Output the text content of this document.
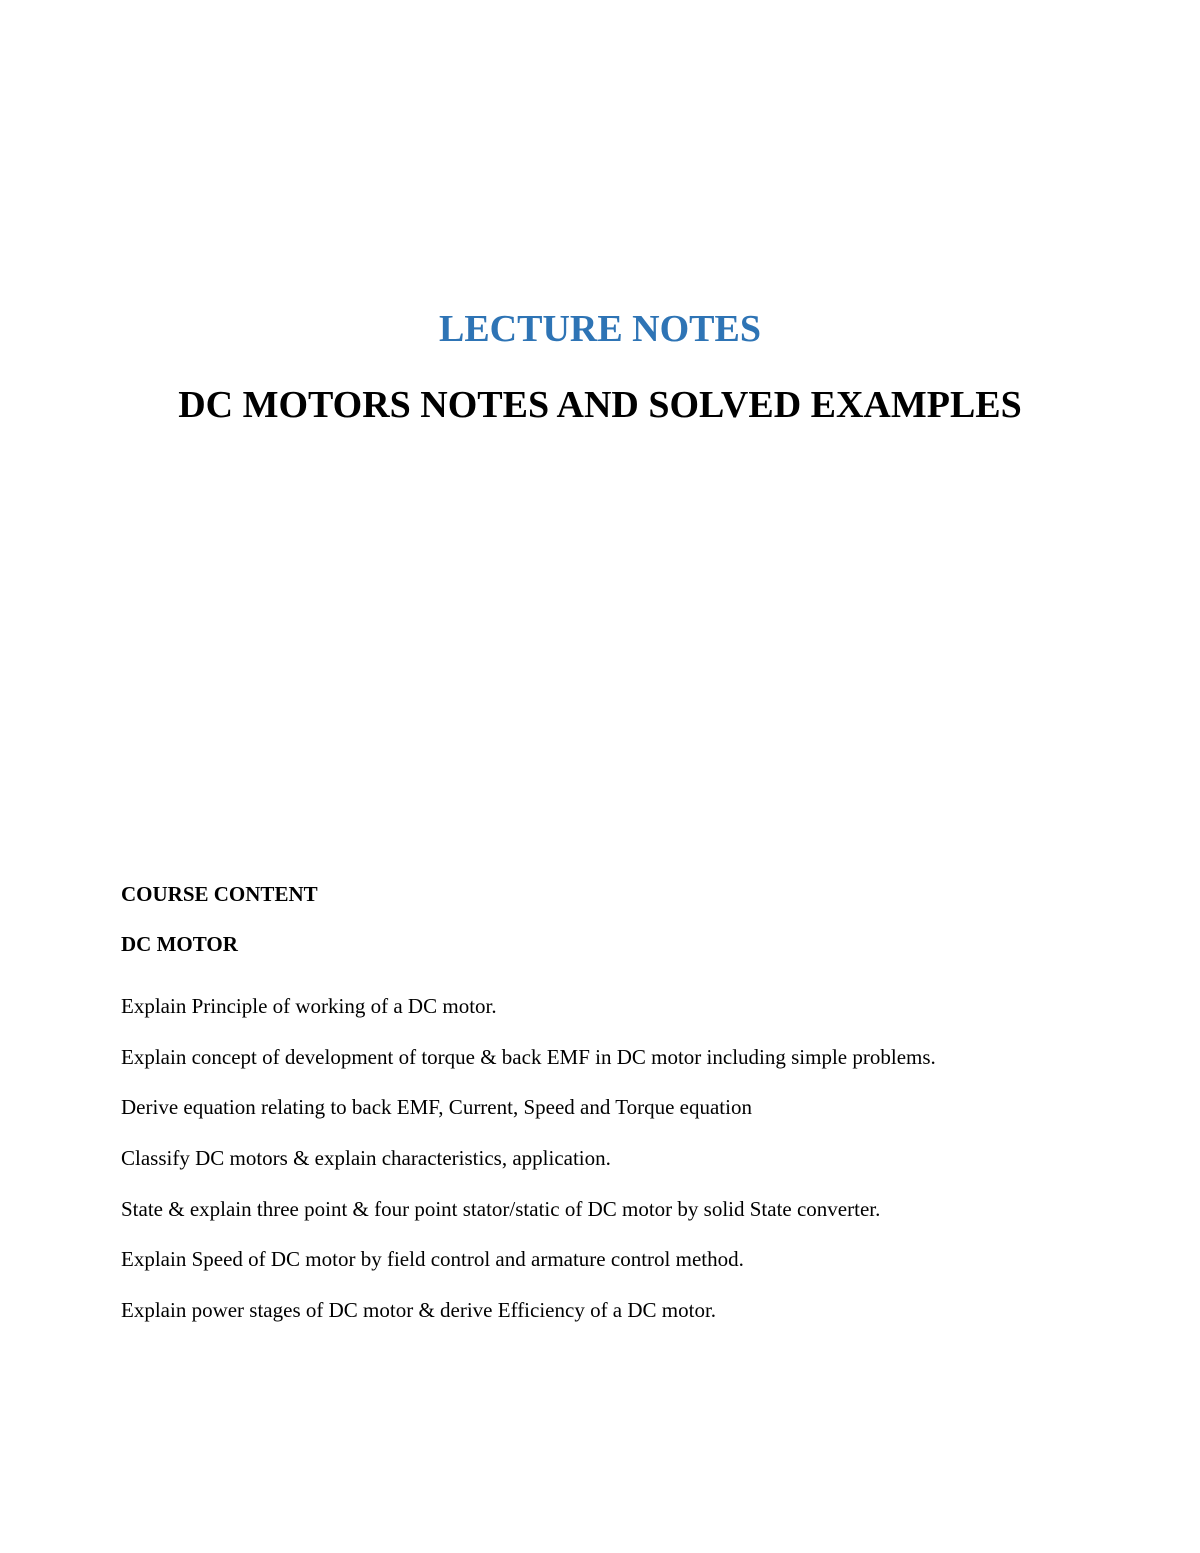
LECTURE NOTES
DC MOTORS NOTES AND SOLVED EXAMPLES

COURSE CONTENT

DC MOTOR

Explain Principle of working of a DC motor.
Explain concept of development of torque & back EMF in DC motor including simple problems.
Derive equation relating to back EMF, Current, Speed and Torque equation
Classify DC motors & explain characteristics, application.
State & explain three point & four point stator/static of DC motor by solid State converter.
Explain Speed of DC motor by field control and armature control method.
Explain power stages of DC motor & derive Efficiency of a DC motor.
